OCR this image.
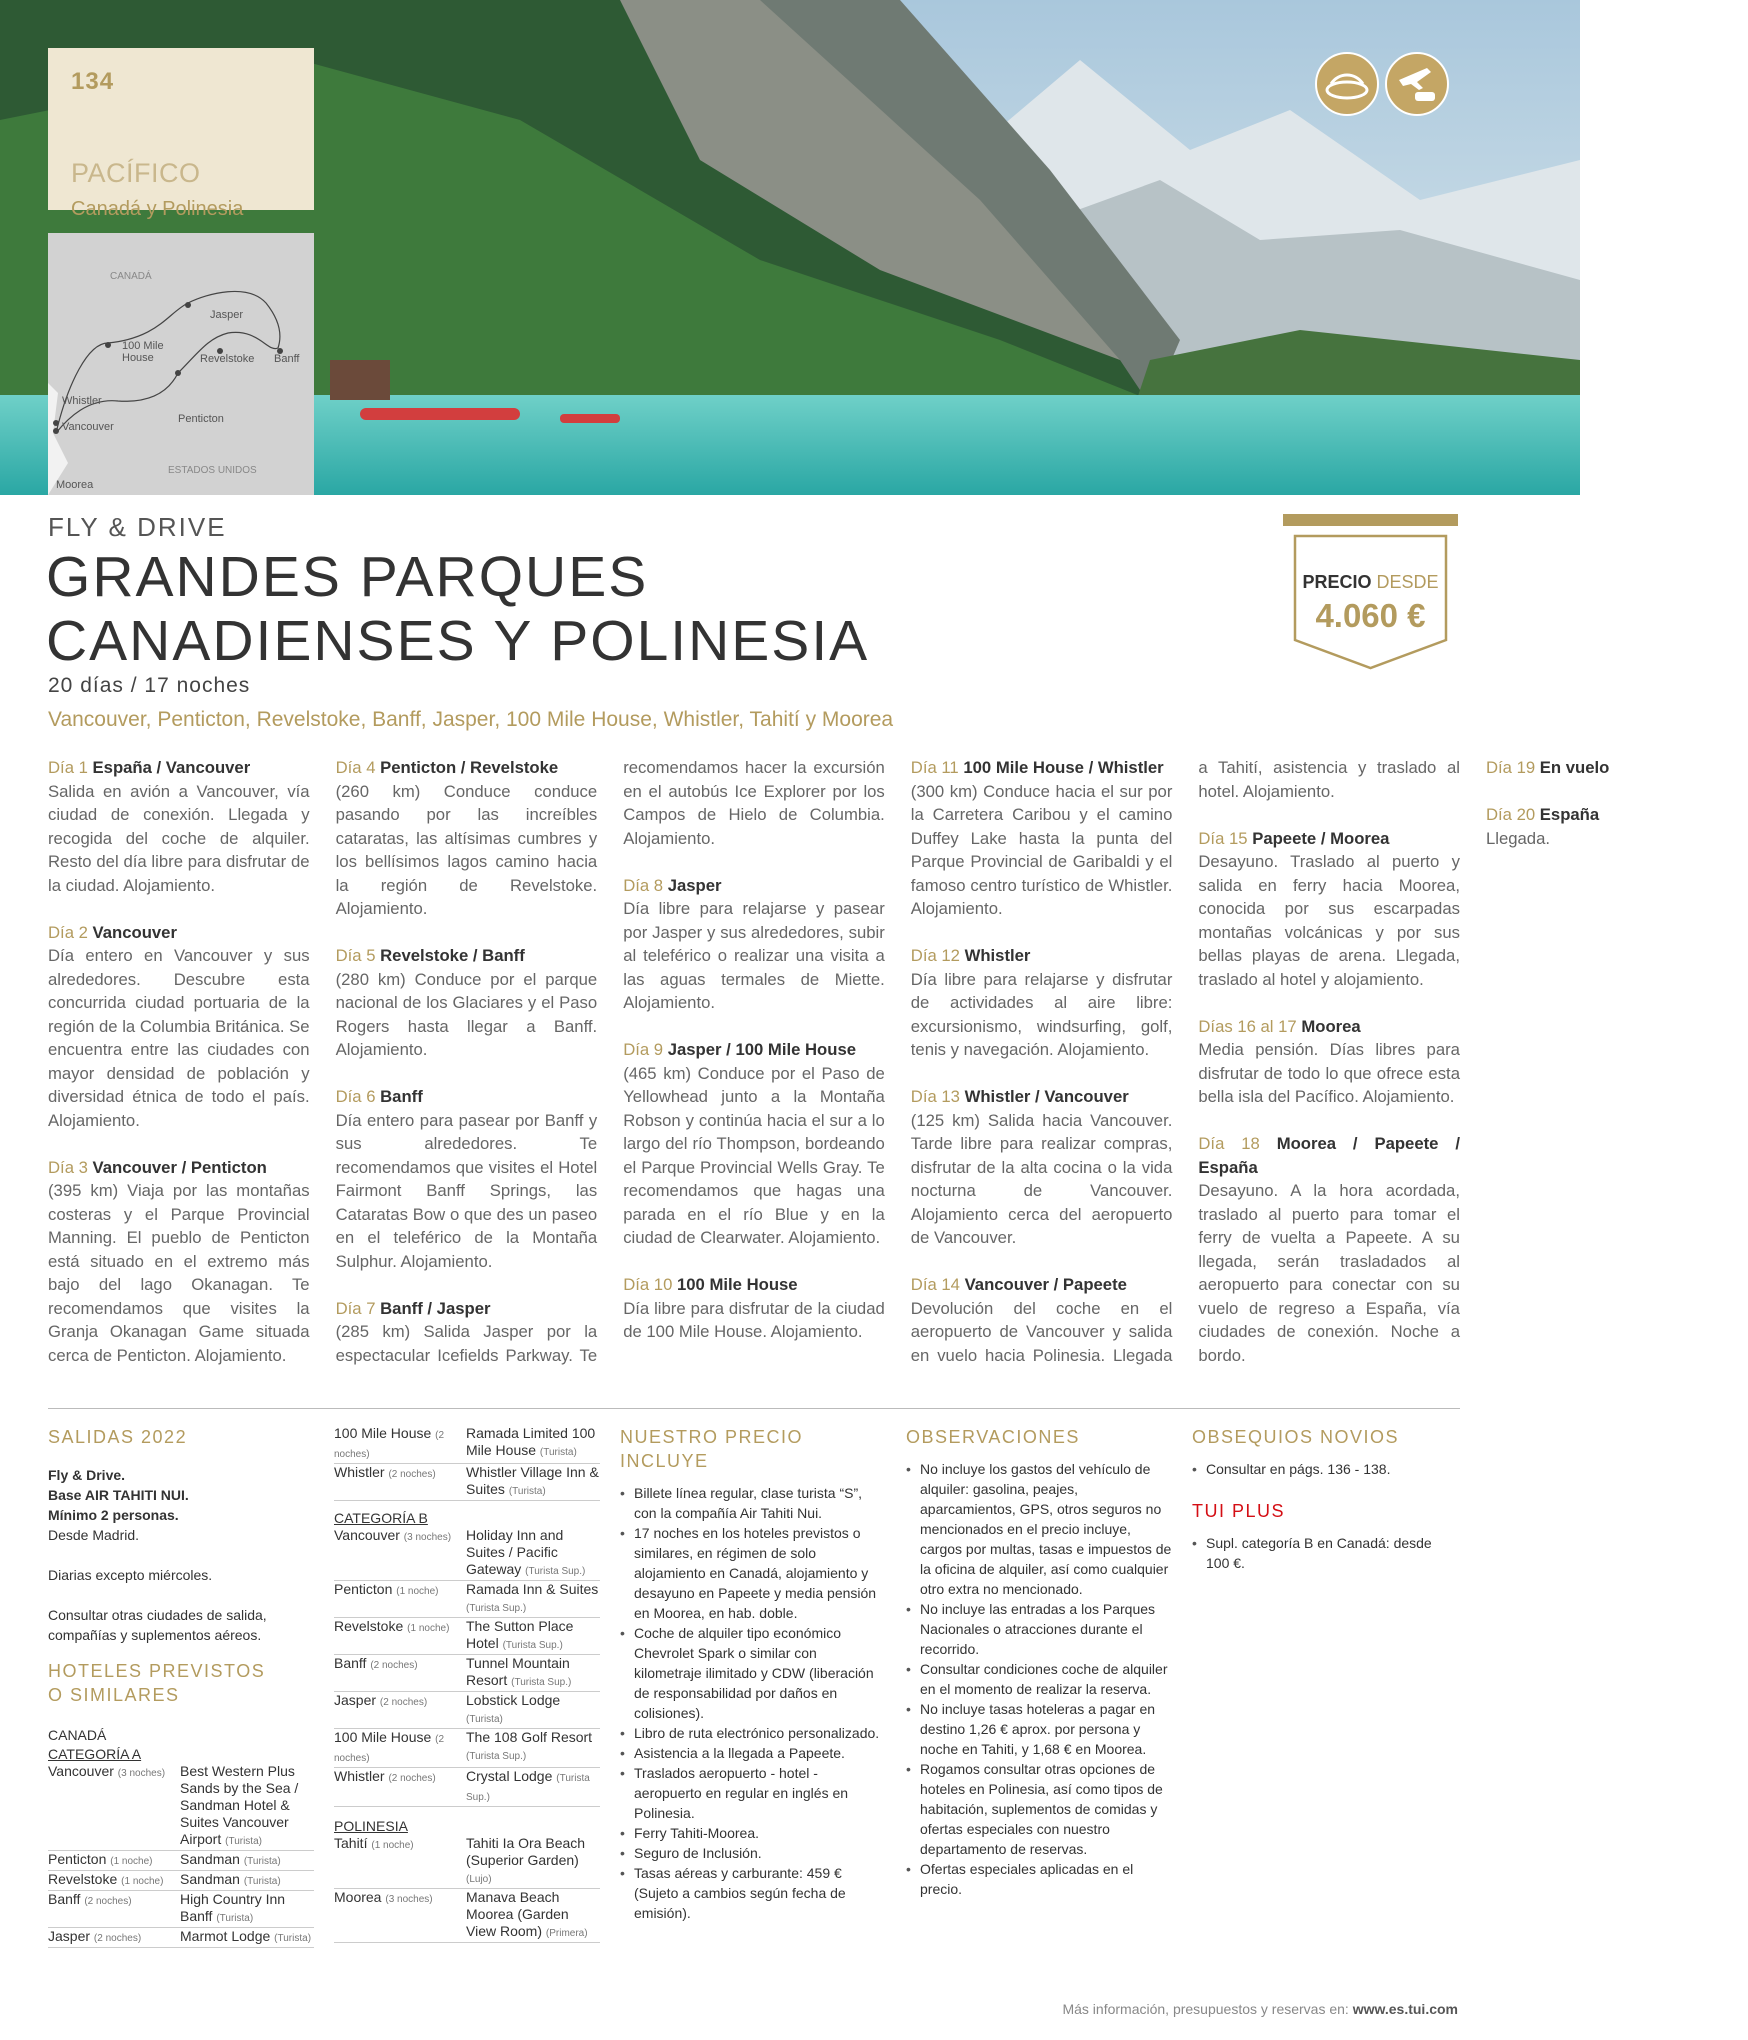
134
PACÍFICO
Canadá y Polinesia
CANADÁ
Jasper
100 Mile House	Revelstoke Banff
Whistler
Vancouver
Penticton
ESTADOS UNIDOS
Moorea
FLY & DRIVE
GRANDES PARQUES
CANADIENSES Y POLINESIA
20 días / 17 noches
Vancouver, Penticton, Revelstoke, Banff, Jasper, 100 Mile House, Whistler, Tahití y Moorea
PRECIO DESDE
4.060 €
Día 1 España / Vancouver
Salida en avión a Vancouver, vía ciudad de conexión. Llegada y recogida del coche de alquiler. Resto del día libre para disfrutar de la ciudad. Alojamiento.
Día 2 Vancouver
Día entero en Vancouver y sus alrededores. Descubre esta concurrida ciudad portuaria de la región de la Columbia Británica. Se encuentra entre las ciudades con mayor densidad de población y diversidad étnica de todo el país. Alojamiento.
Día 3 Vancouver / Penticton
(395 km) Viaja por las montañas costeras y el Parque Provincial Manning. El pueblo de Penticton está situado en el extremo más bajo del lago Okanagan. Te recomendamos que visites la Granja Okanagan Game situada cerca de Penticton. Alojamiento.
Día 4 Penticton / Revelstoke
(260 km) Conduce conduce pasando por las increíbles cataratas, las altísimas cumbres y los bellísimos lagos camino hacia la región de Revelstoke. Alojamiento.
Día 5 Revelstoke / Banff
(280 km) Conduce por el parque nacional de los Glaciares y el Paso Rogers hasta llegar a Banff. Alojamiento.
Día 6 Banff
Día entero para pasear por Banff y sus alrededores. Te recomendamos que visites el Hotel Fairmont Banff Springs, las Cataratas Bow o que des un paseo en el teleférico de la Montaña Sulphur. Alojamiento.
Día 7 Banff / Jasper
(285 km) Salida Jasper por la espectacular Icefields Parkway. Te recomendamos hacer la excursión en el autobús Ice Explorer por los Campos de Hielo de Columbia. Alojamiento.
Día 8 Jasper
Día libre para relajarse y pasear por Jasper y sus alrededores, subir al teleférico o realizar una visita a las aguas termales de Miette. Alojamiento.
Día 9 Jasper / 100 Mile House
(465 km) Conduce por el Paso de Yellowhead junto a la Montaña Robson y continúa hacia el sur a lo largo del río Thompson, bordeando el Parque Provincial Wells Gray. Te recomendamos que hagas una parada en el río Blue y en la ciudad de Clearwater. Alojamiento.
Día 10 100 Mile House
Día libre para disfrutar de la ciudad de 100 Mile House. Alojamiento.
Día 11 100 Mile House / Whistler
(300 km) Conduce hacia el sur por la Carretera Caribou y el camino Duffey Lake hasta la punta del Parque Provincial de Garibaldi y el famoso centro turístico de Whistler. Alojamiento.
Día 12 Whistler
Día libre para relajarse y disfrutar de actividades al aire libre: excursionismo, windsurfing, golf, tenis y navegación. Alojamiento.
Día 13 Whistler / Vancouver
(125 km) Salida hacia Vancouver. Tarde libre para realizar compras, disfrutar de la alta cocina o la vida nocturna de Vancouver. Alojamiento cerca del aeropuerto de Vancouver.
Día 14 Vancouver / Papeete
Devolución del coche en el aeropuerto de Vancouver y salida en vuelo hacia Polinesia. Llegada a Tahití, asistencia y traslado al hotel. Alojamiento.
Día 15 Papeete / Moorea
Desayuno. Traslado al puerto y salida en ferry hacia Moorea, conocida por sus escarpadas montañas volcánicas y por sus bellas playas de arena. Llegada, traslado al hotel y alojamiento.
Días 16 al 17 Moorea
Media pensión. Días libres para disfrutar de todo lo que ofrece esta bella isla del Pacífico. Alojamiento.
Día 18 Moorea / Papeete / España
Desayuno. A la hora acordada, traslado al puerto para tomar el ferry de vuelta a Papeete. A su llegada, serán trasladados al aeropuerto para conectar con su vuelo de regreso a España, vía ciudades de conexión. Noche a bordo.
Día 19 En vuelo
Día 20 España
Llegada.
SALIDAS 2022
Fly & Drive.
Base AIR TAHITI NUI.
Mínimo 2 personas.

Desde Madrid.

Diarias excepto miércoles.

Consultar otras ciudades de salida, compañías y suplementos aéreos.

HOTELES PREVISTOS O SIMILARES
CANADÁ
CATEGORÍA A
Vancouver (3 noches)	Best Western Plus Sands by the Sea / Sandman Hotel & Suites Vancouver Airport (Turista)
Penticton (1 noche)	Sandman (Turista)
Revelstoke (1 noche)	Sandman (Turista)
Banff (2 noches)	High Country Inn Banff (Turista)
Jasper (2 noches)	Marmot Lodge (Turista)
100 Mile House (2 noches)	Ramada Limited 100 Mile House (Turista)
Whistler (2 noches)	Whistler Village Inn & Suites (Turista)
CATEGORÍA B
Vancouver (3 noches)	Holiday Inn and Suites / Pacific Gateway (Turista Sup.)
Penticton (1 noche)	Ramada Inn & Suites (Turista Sup.)
Revelstoke (1 noche)	The Sutton Place Hotel (Turista Sup.)
Banff (2 noches)	Tunnel Mountain Resort (Turista Sup.)
Jasper (2 noches)	Lobstick Lodge (Turista)
100 Mile House (2 noches)	The 108 Golf Resort (Turista Sup.)
Whistler (2 noches)	Crystal Lodge (Turista Sup.)
POLINESIA
Tahití (1 noche)	Tahiti Ia Ora Beach (Superior Garden) (Lujo)
Moorea (3 noches)	Manava Beach Moorea (Garden View Room) (Primera)
NUESTRO PRECIO INCLUYE
• Billete línea regular, clase turista “S”, con la compañía Air Tahiti Nui.
• 17 noches en los hoteles previstos o similares, en régimen de solo alojamiento en Canadá, alojamiento y desayuno en Papeete y media pensión en Moorea, en hab. doble.
• Coche de alquiler tipo económico Chevrolet Spark o similar con kilometraje ilimitado y CDW (liberación de responsabilidad por daños en colisiones).
• Libro de ruta electrónico personalizado.
• Asistencia a la llegada a Papeete.
• Traslados aeropuerto - hotel - aeropuerto en regular en inglés en Polinesia.
• Ferry Tahiti-Moorea.
• Seguro de Inclusión.
• Tasas aéreas y carburante: 459 € (Sujeto a cambios según fecha de emisión).
OBSERVACIONES
• No incluye los gastos del vehículo de alquiler: gasolina, peajes, aparcamientos, GPS, otros seguros no mencionados en el precio incluye, cargos por multas, tasas e impuestos de la oficina de alquiler, así como cualquier otro extra no mencionado.
• No incluye las entradas a los Parques Nacionales o atracciones durante el recorrido.
• Consultar condiciones coche de alquiler en el momento de realizar la reserva.
• No incluye tasas hoteleras a pagar en destino 1,26 € aprox. por persona y noche en Tahiti, y 1,68 € en Moorea.
• Rogamos consultar otras opciones de hoteles en Polinesia, así como tipos de habitación, suplementos de comidas y ofertas especiales con nuestro departamento de reservas.
• Ofertas especiales aplicadas en el precio.
OBSEQUIOS NOVIOS
• Consultar en págs. 136 - 138.
TUI PLUS
• Supl. categoría B en Canadá: desde 100 €.
Más información, presupuestos y reservas en: www.es.tui.com
